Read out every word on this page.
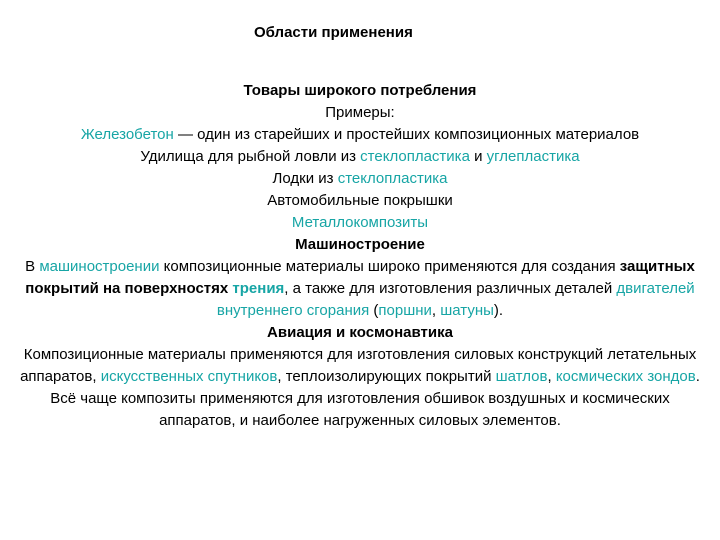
Области применения
Товары широкого потребления
Примеры:
Железобетон — один из старейших и простейших композиционных материалов
Удилища для рыбной ловли из стеклопластика и углепластика
Лодки из стеклопластика
Автомобильные покрышки
Металлокомпозиты
Машиностроение
В машиностроении композиционные материалы широко применяются для создания защитных покрытий на поверхностях трения, а также для изготовления различных деталей двигателей внутреннего сгорания (поршни, шатуны).
Авиация и космонавтика
Композиционные материалы применяются для изготовления силовых конструкций летательных аппаратов, искусственных спутников, теплоизолирующих покрытий шатлов, космических зондов. Всё чаще композиты применяются для изготовления обшивок воздушных и космических аппаратов, и наиболее нагруженных силовых элементов.
